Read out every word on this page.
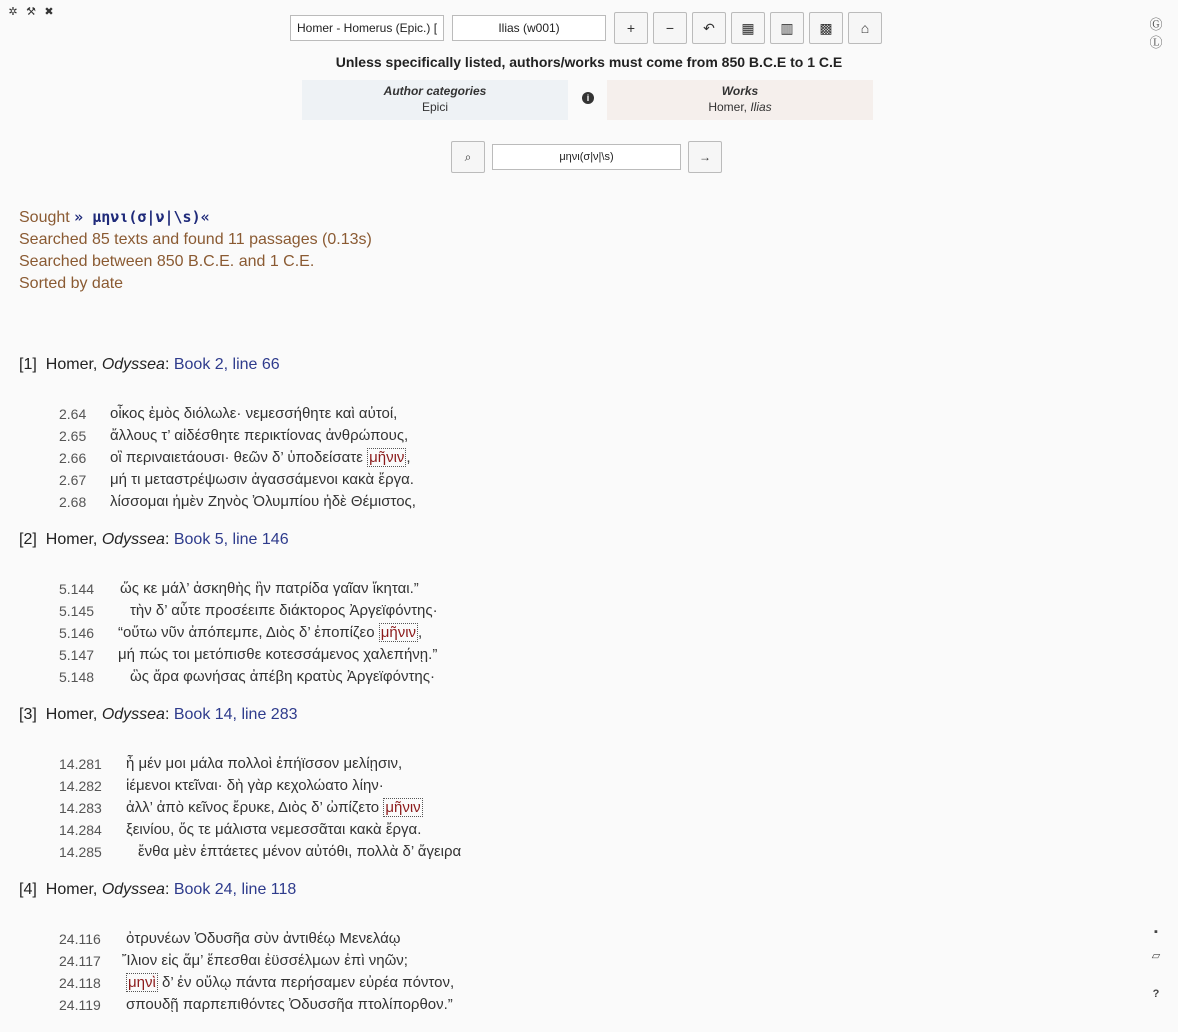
✲ ⚒ ✖
Ⓖ
Ⓛ
▪
▱
?
Homer - Homerus (Epic.) [
Ilias (w001)
+	−	↶	▦	▥	▩	⌂
Unless specifically listed, authors/works must come from 850 B.C.E to 1 C.E
Author categories
Epici
i	Works
Homer, Ilias
⌕
μηνι(σ|ν|\s)	→
Sought » μηνι(σ|ν|\s)«
Searched 85 texts and found 11 passages (0.13s)
Searched between 850 B.C.E. and 1 C.E.
Sorted by date
[1] Homer, Odyssea: Book 2, line 66
2.64	οἶκος ἐμὸς διόλωλε· νεμεσσήθητε καὶ αὐτοί,
2.65	ἄλλους τ’ αἰδέσθητε περικτίονας ἀνθρώπους,
2.66	οἳ περιναιετάουσι· θεῶν δ’ ὑποδείσατε μῆνιν ,
2.67	μή τι μεταστρέψωσιν ἀγασσάμενοι κακὰ ἔργα.
2.68	λίσσομαι ἠμὲν Ζηνὸς Ὀλυμπίου ἠδὲ Θέμιστος,
[2] Homer, Odyssea: Book 5, line 146
5.144	ὥς κε μάλ’ ἀσκηθὴς ἣν πατρίδα γαῖαν ἵκηται.”
5.145	τὴν δ’ αὖτε προσέειπε διάκτορος Ἀργεϊφόντης·
5.146	“οὕτω νῦν ἀπόπεμπε, Διὸς δ’ ἐποπίζεο μῆνιν ,
5.147	μή πώς τοι μετόπισθε κοτεσσάμενος χαλεπήνῃ.”
5.148	ὣς ἄρα φωνήσας ἀπέβη κρατὺς Ἀργεϊφόντης·
[3] Homer, Odyssea: Book 14, line 283
14.281	ἦ μέν μοι μάλα πολλοὶ ἐπήϊσσον μελίῃσιν,
14.282	ἱέμενοι κτεῖναι· δὴ γὰρ κεχολώατο λίην·
14.283	ἀλλ’ ἀπὸ κεῖνος ἔρυκε, Διὸς δ’ ὠπίζετο μῆνιν
14.284	ξεινίου, ὅς τε μάλιστα νεμεσσᾶται κακὰ ἔργα.
14.285	ἔνθα μὲν ἑπτάετες μένον αὐτόθι, πολλὰ δ’ ἄγειρα
[4] Homer, Odyssea: Book 24, line 118
24.116	ὀτρυνέων Ὀδυσῆα σὺν ἀντιθέῳ Μενελάῳ
24.117	Ἴλιον εἰς ἅμ’ ἕπεσθαι ἐϋσσέλμων ἐπὶ νηῶν;
24.118	μηνὶ δ’ ἐν οὔλῳ πάντα περήσαμεν εὐρέα πόντον,
24.119	σπουδῇ παρπεπιθόντες Ὀδυσσῆα πτολίπορθον.”
